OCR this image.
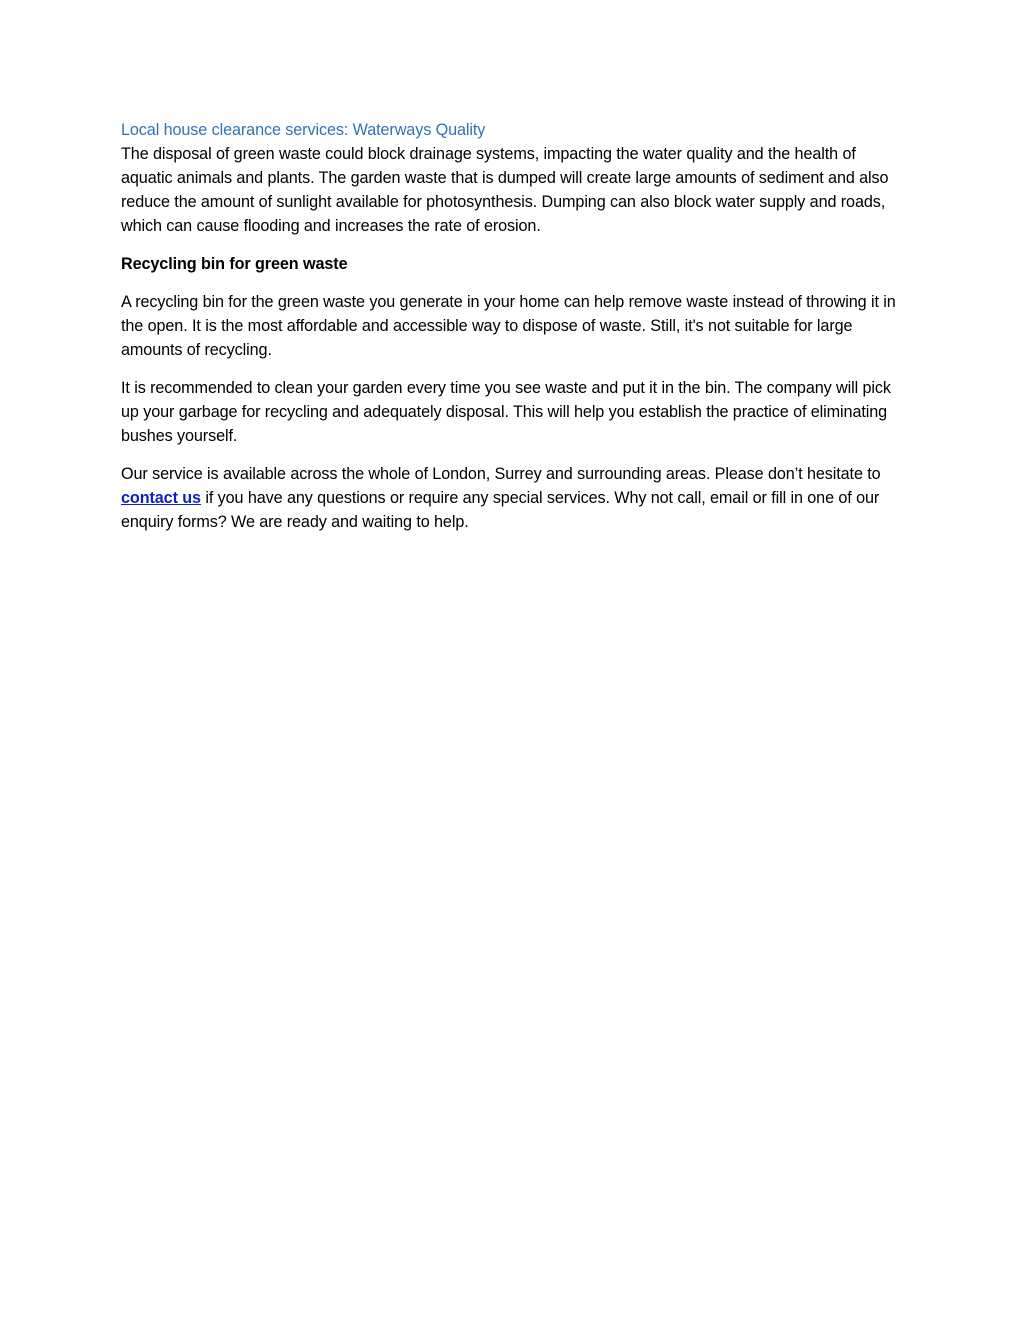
Local house clearance services: Waterways Quality

The disposal of green waste could block drainage systems, impacting the water quality and the health of aquatic animals and plants. The garden waste that is dumped will create large amounts of sediment and also reduce the amount of sunlight available for photosynthesis. Dumping can also block water supply and roads, which can cause flooding and increases the rate of erosion.

Recycling bin for green waste

A recycling bin for the green waste you generate in your home can help remove waste instead of throwing it in the open. It is the most affordable and accessible way to dispose of waste. Still, it's not suitable for large amounts of recycling.

It is recommended to clean your garden every time you see waste and put it in the bin. The company will pick up your garbage for recycling and adequately disposal. This will help you establish the practice of eliminating bushes yourself.

Our service is available across the whole of London, Surrey and surrounding areas. Please don’t hesitate to contact us if you have any questions or require any special services. Why not call, email or fill in one of our enquiry forms? We are ready and waiting to help.
